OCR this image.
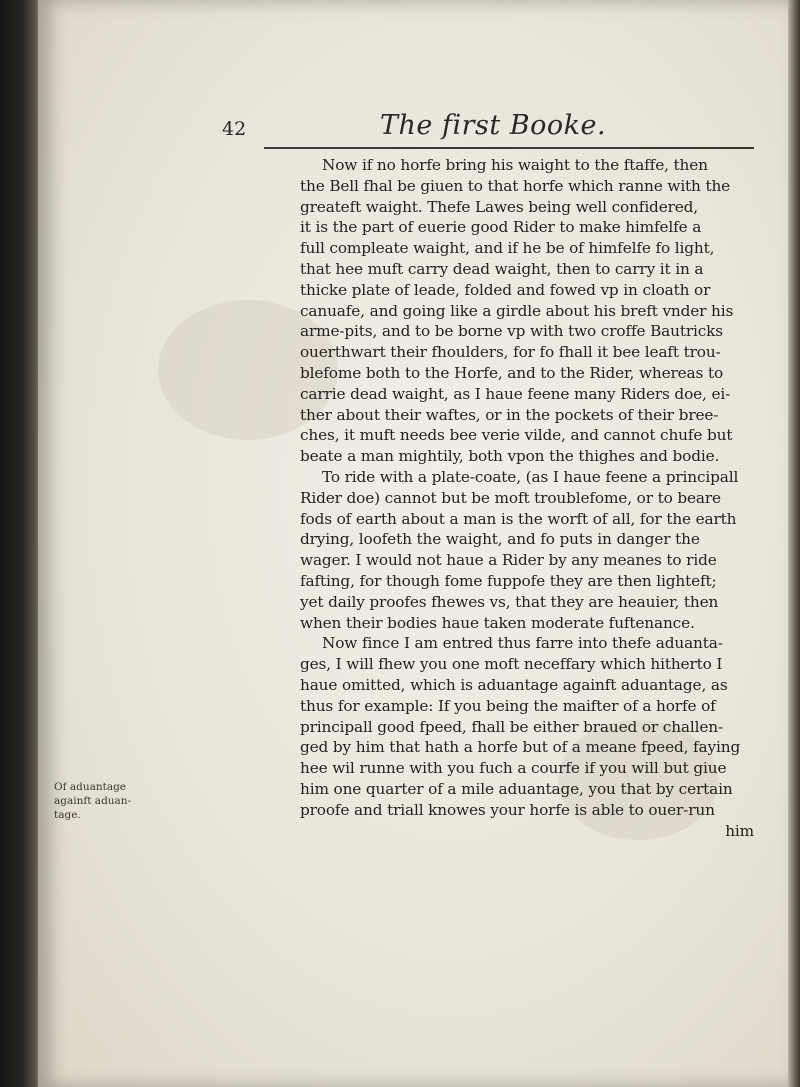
42	The first Booke.
Of aduantage
againft aduan-
tage.
Now if no horfe bring his waight to the ftaffe, then
the Bell fhal be giuen to that horfe which ranne with the
greateft waight. Thefe Lawes being well confidered,
it is the part of euerie good Rider to make himfelfe a
full compleate waight, and if he be of himfelfe fo light,
that hee muft carry dead waight, then to carry it in a
thicke plate of leade, folded and fowed vp in cloath or
canuafe, and going like a girdle about his breft vnder his
arme-pits, and to be borne vp with two croffe Bautricks
ouerthwart their fhoulders, for fo fhall it bee leaft trou-
blefome both to the Horfe, and to the Rider, whereas to
carrie dead waight, as I haue feene many Riders doe, ei-
ther about their waftes, or in the pockets of their bree-
ches, it muft needs bee verie vilde, and cannot chufe but
beate a man mightily, both vpon the thighes and bodie.
To ride with a plate-coate, (as I haue feene a principall
Rider doe) cannot but be moft troublefome, or to beare
fods of earth about a man is the worft of all, for the earth
drying, loofeth the waight, and fo puts in danger the
wager. I would not haue a Rider by any meanes to ride
fafting, for though fome fuppofe they are then lighteft;
yet daily proofes fhewes vs, that they are heauier, then
when their bodies haue taken moderate fuftenance.
Now fince I am entred thus farre into thefe aduanta-
ges, I will fhew you one moft neceffary which hitherto I
haue omitted, which is aduantage againft aduantage, as
thus for example: If you being the maifter of a horfe of
principall good fpeed, fhall be either braued or challen-
ged by him that hath a horfe but of a meane fpeed, faying
hee wil runne with you fuch a courfe if you will but giue
him one quarter of a mile aduantage, you that by certain
proofe and triall knowes your horfe is able to ouer-run
him
